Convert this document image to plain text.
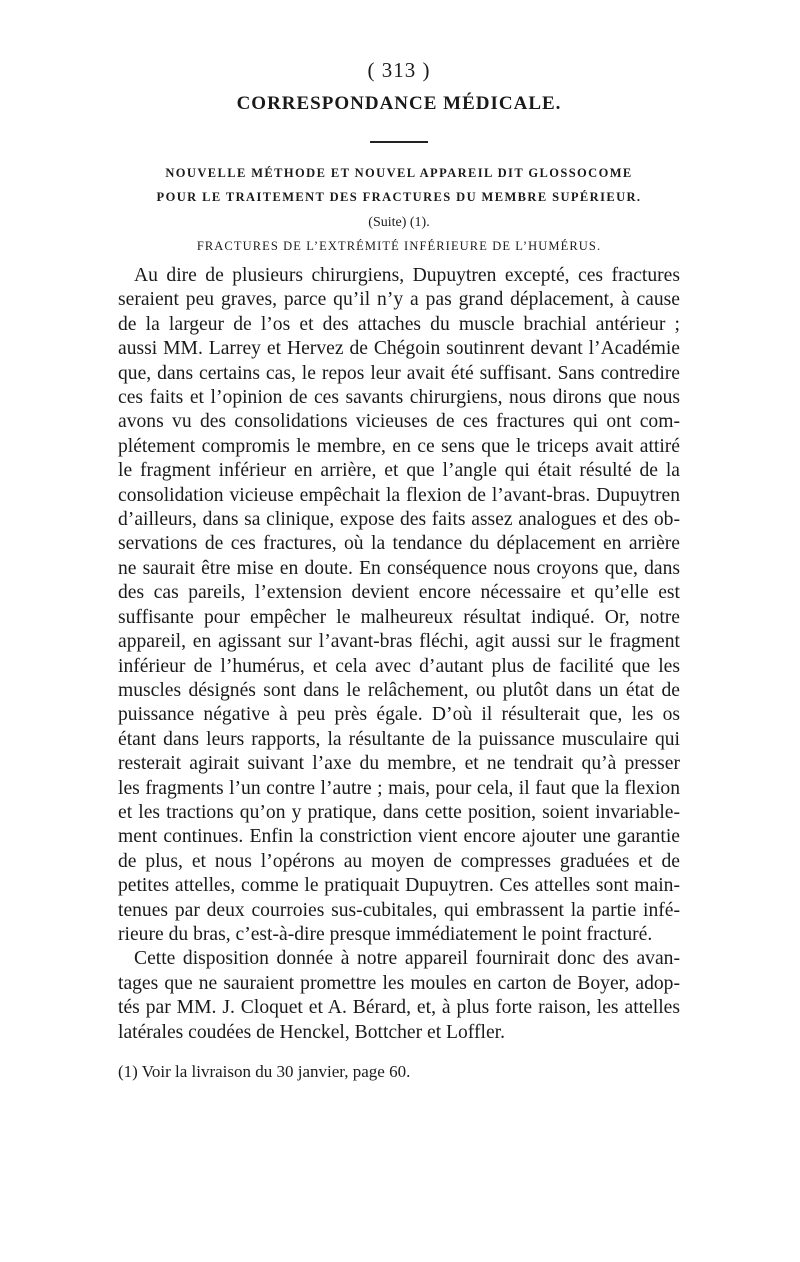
( 313 )
CORRESPONDANCE MÉDICALE.
NOUVELLE MÉTHODE ET NOUVEL APPAREIL DIT GLOSSOCOME
POUR LE TRAITEMENT DES FRACTURES DU MEMBRE SUPÉRIEUR.
(Suite) (1).
FRACTURES DE L’EXTRÉMITÉ INFÉRIEURE DE L’HUMÉRUS.
Au dire de plusieurs chirurgiens, Dupuytren excepté, ces fractures
seraient peu graves, parce qu’il n’y a pas grand déplacement, à cause
de la largeur de l’os et des attaches du muscle brachial antérieur ;
aussi MM. Larrey et Hervez de Chégoin soutinrent devant l’Académie
que, dans certains cas, le repos leur avait été suffisant. Sans contredire
ces faits et l’opinion de ces savants chirurgiens, nous dirons que nous
avons vu des consolidations vicieuses de ces fractures qui ont com-
plétement compromis le membre, en ce sens que le triceps avait attiré
le fragment inférieur en arrière, et que l’angle qui était résulté de la
consolidation vicieuse empêchait la flexion de l’avant-bras. Dupuytren
d’ailleurs, dans sa clinique, expose des faits assez analogues et des ob-
servations de ces fractures, où la tendance du déplacement en arrière
ne saurait être mise en doute. En conséquence nous croyons que, dans
des cas pareils, l’extension devient encore nécessaire et qu’elle est
suffisante pour empêcher le malheureux résultat indiqué. Or, notre
appareil, en agissant sur l’avant-bras fléchi, agit aussi sur le fragment
inférieur de l’humérus, et cela avec d’autant plus de facilité que les
muscles désignés sont dans le relâchement, ou plutôt dans un état de
puissance négative à peu près égale. D’où il résulterait que, les os
étant dans leurs rapports, la résultante de la puissance musculaire qui
resterait agirait suivant l’axe du membre, et ne tendrait qu’à presser
les fragments l’un contre l’autre ; mais, pour cela, il faut que la flexion
et les tractions qu’on y pratique, dans cette position, soient invariable-
ment continues. Enfin la constriction vient encore ajouter une garantie
de plus, et nous l’opérons au moyen de compresses graduées et de
petites attelles, comme le pratiquait Dupuytren. Ces attelles sont main-
tenues par deux courroies sus-cubitales, qui embrassent la partie infé-
rieure du bras, c’est-à-dire presque immédiatement le point fracturé.
Cette disposition donnée à notre appareil fournirait donc des avan-
tages que ne sauraient promettre les moules en carton de Boyer, adop-
tés par MM. J. Cloquet et A. Bérard, et, à plus forte raison, les attelles
latérales coudées de Henckel, Bottcher et Loffler.
(1) Voir la livraison du 30 janvier, page 60.
